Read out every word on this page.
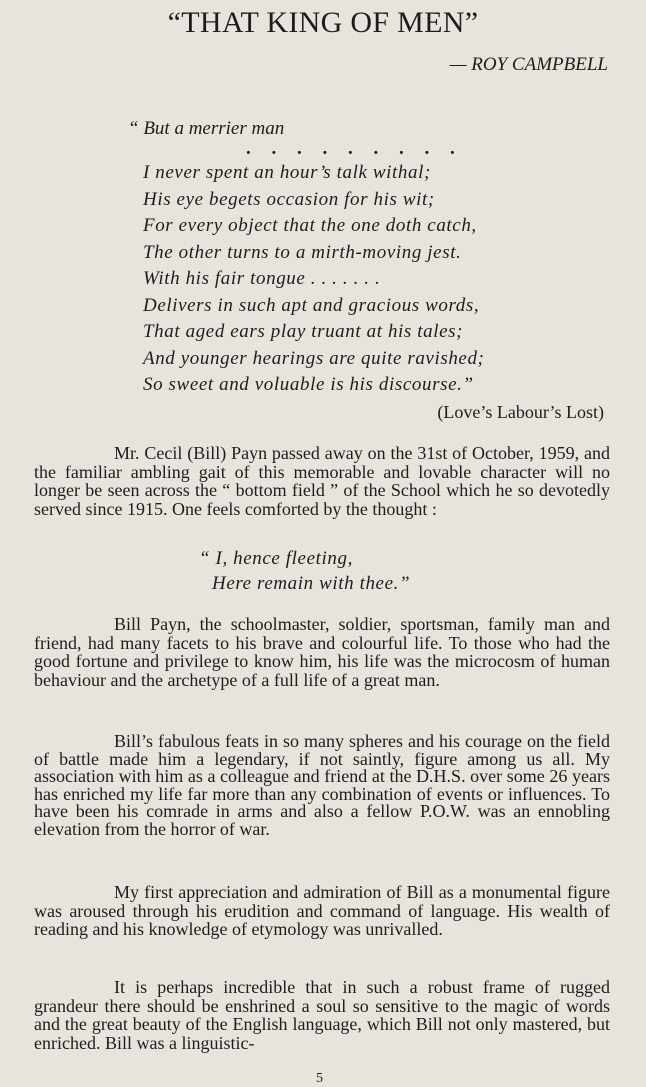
“THAT KING OF MEN”
— ROY CAMPBELL
“ But a merrier man
. . . . . . . . .
I never spent an hour’s talk withal;
His eye begets occasion for his wit;
For every object that the one doth catch,
The other turns to a mirth-moving jest.
With his fair tongue . . . . . . .
Delivers in such apt and gracious words,
That aged ears play truant at his tales;
And younger hearings are quite ravished;
So sweet and voluable is his discourse.”
(Love’s Labour’s Lost)

Mr. Cecil (Bill) Payn passed away on the 31st of October, 1959, and the familiar ambling gait of this memorable and lovable character will no longer be seen across the “ bottom field ” of the School which he so devotedly served since 1915. One feels comforted by the thought :

“ I, hence fleeting,
Here remain with thee.”

Bill Payn, the schoolmaster, soldier, sportsman, family man and friend, had many facets to his brave and colourful life. To those who had the good fortune and privilege to know him, his life was the microcosm of human behaviour and the archetype of a full life of a great man.

Bill’s fabulous feats in so many spheres and his courage on the field of battle made him a legendary, if not saintly, figure among us all. My association with him as a colleague and friend at the D.H.S. over some 26 years has enriched my life far more than any combination of events or influences. To have been his comrade in arms and also a fellow P.O.W. was an ennobling elevation from the horror of war.

My first appreciation and admiration of Bill as a monumental figure was aroused through his erudition and command of language. His wealth of reading and his knowledge of etymology was unrivalled.

It is perhaps incredible that in such a robust frame of rugged grandeur there should be enshrined a soul so sensitive to the magic of words and the great beauty of the English language, which Bill not only mastered, but enriched. Bill was a linguistic-

5
